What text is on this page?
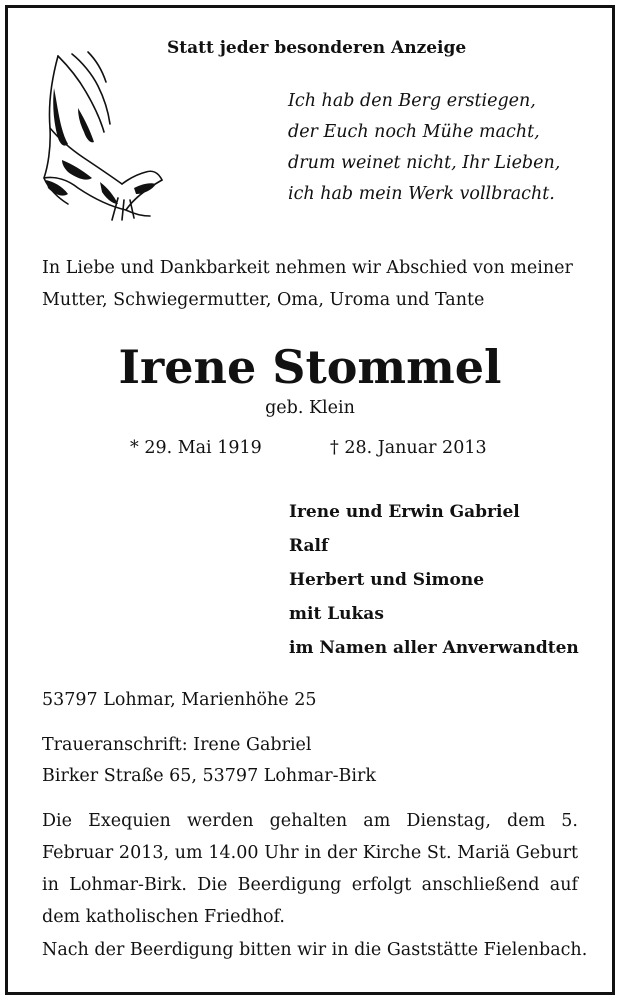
Statt jeder besonderen Anzeige
Ich hab den Berg erstiegen,
der Euch noch Mühe macht,
drum weinet nicht, Ihr Lieben,
ich hab mein Werk vollbracht.
In Liebe und Dankbarkeit nehmen wir Abschied von meiner
Mutter, Schwiegermutter, Oma, Uroma und Tante
Irene Stommel
geb. Klein
* 29. Mai 1919	† 28. Januar 2013
Irene und Erwin Gabriel
Ralf
Herbert und Simone
mit Lukas
im Namen aller Anverwandten
53797 Lohmar, Marienhöhe 25
Traueranschrift: Irene Gabriel
Birker Straße 65, 53797 Lohmar-Birk
Die Exequien werden gehalten am Dienstag, dem 5. Februar 2013, um 14.00 Uhr in der Kirche St. Mariä Geburt in Lohmar-Birk. Die Beerdigung erfolgt anschließend auf dem katholischen Friedhof.
Nach der Beerdigung bitten wir in die Gaststätte Fielenbach.
